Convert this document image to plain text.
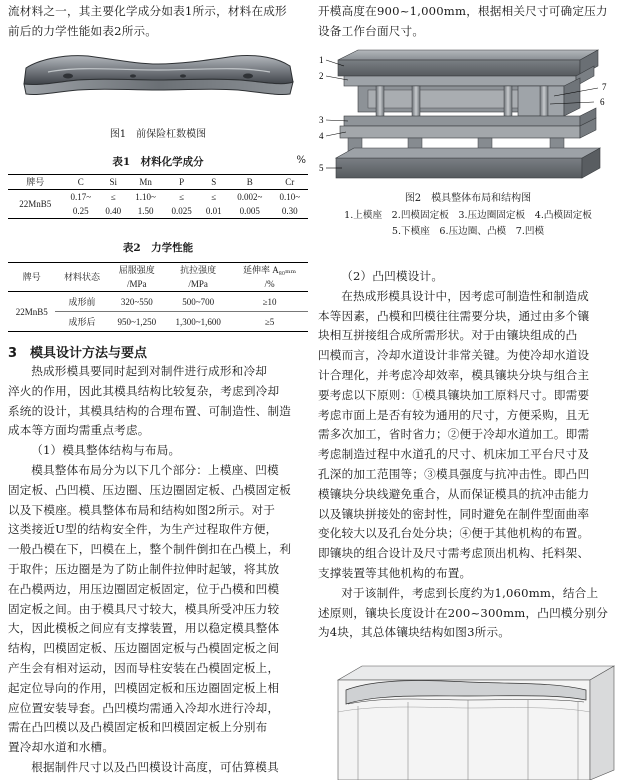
流材料之一，其主要化学成分如表1所示，材料在成形
前后的力学性能如表2所示。
图1　前保险杠数模图
表1　材料化学成分	%
牌号	C	Si	Mn	P	S	B	Cr
22MnB5	0.17~	≤	1.10~	≤	≤	0.002~	0.10~
	0.25	0.40	1.50	0.025	0.01	0.005	0.30
表2　力学性能
牌号	材料状态	屈服强度	抗拉强度	延伸率 A₈₀ₘₘ
		/MPa	/MPa	/%
22MnB5	成形前	320~550	500~700	≥10
	成形后	950~1,250	1,300~1,600	≥5
3　模具设计方法与要点
热成形模具要同时起到对制件进行成形和冷却
淬火的作用，因此其模具结构比较复杂，考虑到冷却
系统的设计，其模具结构的合理布置、可制造性、制造
成本等方面均需重点考虑。
（1）模具整体结构与布局。
模具整体布局分为以下几个部分：上模座、凹模
固定板、凸凹模、压边圈、压边圈固定板、凸模固定板
以及下模座。模具整体布局和结构如图2所示。对于
这类接近U型的结构安全件，为生产过程取件方便，
一般凸模在下，凹模在上，整个制件倒扣在凸模上，利
于取件；压边圈是为了防止制件拉伸时起皱，将其放
在凸模两边，用压边圈固定板固定，位于凸模和凹模
固定板之间。由于模具尺寸较大，模具所受冲压力较
大，因此模板之间应有支撑装置，用以稳定模具整体
结构，凹模固定板、压边圈固定板与凸模固定板之间
产生会有相对运动，因而导柱安装在凸模固定板上，
起定位导向的作用，凹模固定板和压边圈固定板上相
应位置安装导套。凸凹模均需通入冷却水进行冷却，
需在凸凹模以及凸模固定板和凹模固定板上分别布
置冷却水道和水槽。
根据制件尺寸以及凸凹模设计高度，可估算模具
开模高度在900~1,000mm，根据相关尺寸可确定压力
设备工作台面尺寸。
1
2
3
4
5
6
7
图2　模具整体布局和结构图
1.上模座　2.凹模固定板　3.压边圈固定板　4.凸模固定板
5.下模座　6.压边圈、凸模　7.凹模
（2）凸凹模设计。
在热成形模具设计中，因考虑可制造性和制造成
本等因素，凸模和凹模往往需要分块，通过由多个镶
块相互拼接组合成所需形状。对于由镶块组成的凸
凹模而言，冷却水道设计非常关键。为使冷却水道设
计合理化，并考虑冷却效率，模具镶块分块与组合主
要考虑以下原则：①模具镶块加工原料尺寸。即需要
考虑市面上是否有较为通用的尺寸，方便采购，且无
需多次加工，省时省力；②便于冷却水道加工。即需
考虑制造过程中水道孔的尺寸、机床加工平台尺寸及
孔深的加工范围等；③模具强度与抗冲击性。即凸凹
模镶块分块线避免重合，从而保证模具的抗冲击能力
以及镶块拼接处的密封性，同时避免在制件型面曲率
变化较大以及孔台处分块；④便于其他机构的布置。
即镶块的组合设计及尺寸需考虑顶出机构、托料架、
支撑装置等其他机构的布置。
对于该制件，考虑到长度约为1,060mm，结合上
述原则，镶块长度设计在200~300mm，凸凹模分别分
为4块，其总体镶块结构如图3所示。
